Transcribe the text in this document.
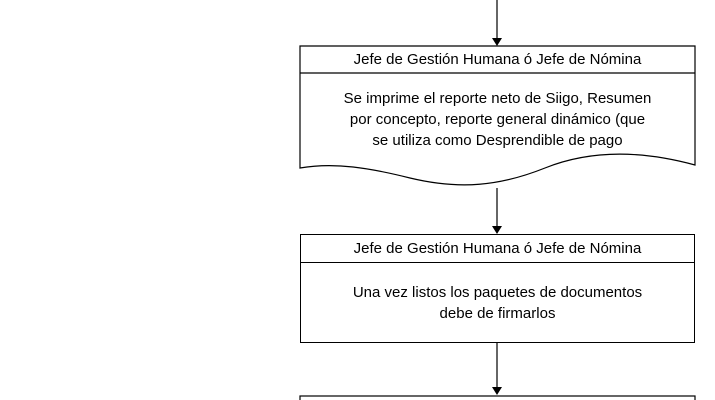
Jefe de Gestión Humana ó Jefe de Nómina
Se imprime el reporte neto de Siigo, Resumen
por concepto, reporte general dinámico (que
se utiliza como Desprendible de pago
Jefe de Gestión Humana ó Jefe de Nómina
Una vez listos los paquetes de documentos
debe de firmarlos
